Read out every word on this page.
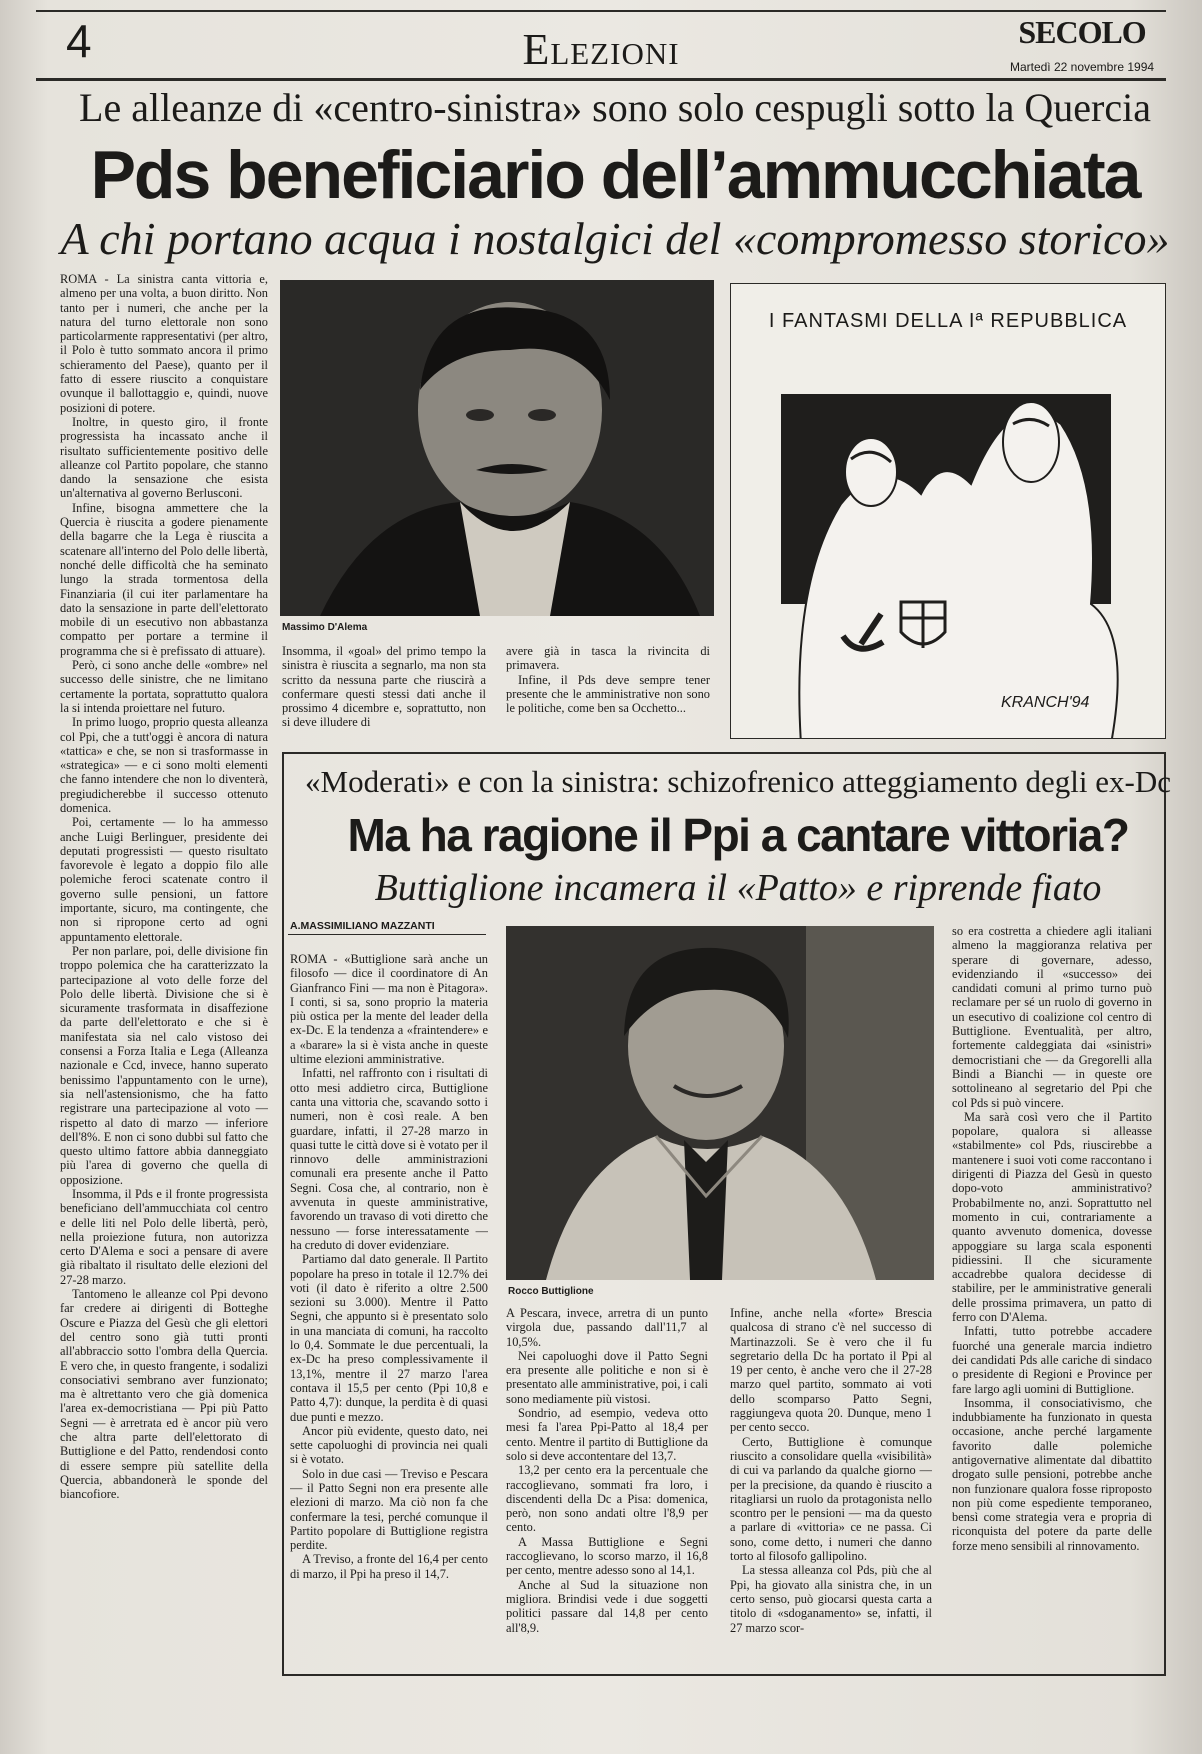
4	Elezioni	SECOLO
Martedì 22 novembre 1994
Le alleanze di «centro-sinistra» sono solo cespugli sotto la Quercia
Pds beneficiario dell’ammucchiata
A chi portano acqua i nostalgici del «compromesso storico»

ROMA - La sinistra canta vittoria e, almeno per una volta, a buon diritto. Non tanto per i numeri, che anche per la natura del turno elettorale non sono particolarmente rappresentativi (per altro, il Polo è tutto sommato ancora il primo schieramento del Paese), quanto per il fatto di essere riuscito a conquistare ovunque il ballottaggio e, quindi, nuove posizioni di potere.

Inoltre, in questo giro, il fronte progressista ha incassato anche il risultato sufficientemente positivo delle alleanze col Partito popolare, che stanno dando la sensazione che esista un'alternativa al governo Berlusconi.

Infine, bisogna ammettere che la Quercia è riuscita a godere pienamente della bagarre che la Lega è riuscita a scatenare all'interno del Polo delle libertà, nonché delle difficoltà che ha seminato lungo la strada tormentosa della Finanziaria (il cui iter parlamentare ha dato la sensazione in parte dell'elettorato mobile di un esecutivo non abbastanza compatto per portare a termine il programma che si è prefissato di attuare).

Però, ci sono anche delle «ombre» nel successo delle sinistre, che ne limitano certamente la portata, soprattutto qualora la si intenda proiettare nel futuro.

In primo luogo, proprio questa alleanza col Ppi, che a tutt'oggi è ancora di natura «tattica» e che, se non si trasformasse in «strategica» — e ci sono molti elementi che fanno intendere che non lo diventerà, pregiudicherebbe il successo ottenuto domenica.

Poi, certamente — lo ha ammesso anche Luigi Berlinguer, presidente dei deputati progressisti — questo risultato favorevole è legato a doppio filo alle polemiche feroci scatenate contro il governo sulle pensioni, un fattore importante, sicuro, ma contingente, che non si ripropone certo ad ogni appuntamento elettorale.

Per non parlare, poi, delle divisione fin troppo polemica che ha caratterizzato la partecipazione al voto delle forze del Polo delle libertà. Divisione che si è sicuramente trasformata in disaffezione da parte dell'elettorato e che si è manifestata sia nel calo vistoso dei consensi a Forza Italia e Lega (Alleanza nazionale e Ccd, invece, hanno superato benissimo l'appuntamento con le urne), sia nell'astensionismo, che ha fatto registrare una partecipazione al voto — rispetto al dato di marzo — inferiore dell'8%. E non ci sono dubbi sul fatto che questo ultimo fattore abbia danneggiato più l'area di governo che quella di opposizione.

Insomma, il Pds e il fronte progressista beneficiano dell'ammucchiata col centro e delle liti nel Polo delle libertà, però, nella proiezione futura, non autorizza certo D'Alema e soci a pensare di avere già ribaltato il risultato delle elezioni del 27-28 marzo.

Tantomeno le alleanze col Ppi devono far credere ai dirigenti di Botteghe Oscure e Piazza del Gesù che gli elettori del centro sono già tutti pronti all'abbraccio sotto l'ombra della Quercia. E vero che, in questo frangente, i sodalizi consociativi sembrano aver funzionato; ma è altrettanto vero che già domenica l'area ex-democristiana — Ppi più Patto Segni — è arretrata ed è ancor più vero che altra parte dell'elettorato di Buttiglione e del Patto, rendendosi conto di essere sempre più satellite della Quercia, abbandonerà le sponde del biancofiore.

Massimo D'Alema

Insomma, il «goal» del primo tempo la sinistra è riuscita a segnarlo, ma non sta scritto da nessuna parte che riuscirà a confermare questi stessi dati anche il prossimo 4 dicembre e, soprattutto, non si deve illudere di

avere già in tasca la rivincita di primavera.

Infine, il Pds deve sempre tener presente che le amministrative non sono le politiche, come ben sa Occhetto...

I FANTASMI DELLA Iª REPUBBLICA
KRANCH'94
«Moderati» e con la sinistra: schizofrenico atteggiamento degli ex-Dc
Ma ha ragione il Ppi a cantare vittoria?
Buttiglione incamera il «Patto» e riprende fiato
A.MASSIMILIANO MAZZANTI
Rocco Buttiglione

ROMA - «Buttiglione sarà anche un filosofo — dice il coordinatore di An Gianfranco Fini — ma non è Pitagora». I conti, si sa, sono proprio la materia più ostica per la mente del leader della ex-Dc. E la tendenza a «fraintendere» e a «barare» la si è vista anche in queste ultime elezioni amministrative.

Infatti, nel raffronto con i risultati di otto mesi addietro circa, Buttiglione canta una vittoria che, scavando sotto i numeri, non è così reale. A ben guardare, infatti, il 27-28 marzo in quasi tutte le città dove si è votato per il rinnovo delle amministrazioni comunali era presente anche il Patto Segni. Cosa che, al contrario, non è avvenuta in queste amministrative, favorendo un travaso di voti diretto che nessuno — forse interessatamente — ha creduto di dover evidenziare.

Partiamo dal dato generale. Il Partito popolare ha preso in totale il 12.7% dei voti (il dato è riferito a oltre 2.500 sezioni su 3.000). Mentre il Patto Segni, che appunto si è presentato solo in una manciata di comuni, ha raccolto lo 0,4. Sommate le due percentuali, la ex-Dc ha preso complessivamente il 13,1%, mentre il 27 marzo l'area contava il 15,5 per cento (Ppi 10,8 e Patto 4,7): dunque, la perdita è di quasi due punti e mezzo.

Ancor più evidente, questo dato, nei sette capoluoghi di provincia nei quali si è votato.

Solo in due casi — Treviso e Pescara — il Patto Segni non era presente alle elezioni di marzo. Ma ciò non fa che confermare la tesi, perché comunque il Partito popolare di Buttiglione registra perdite.

A Treviso, a fronte del 16,4 per cento di marzo, il Ppi ha preso il 14,7.

A Pescara, invece, arretra di un punto virgola due, passando dall'11,7 al 10,5%.

Nei capoluoghi dove il Patto Segni era presente alle politiche e non si è presentato alle amministrative, poi, i cali sono mediamente più vistosi.

Sondrio, ad esempio, vedeva otto mesi fa l'area Ppi-Patto al 18,4 per cento. Mentre il partito di Buttiglione da solo si deve accontentare del 13,7.

13,2 per cento era la percentuale che raccoglievano, sommati fra loro, i discendenti della Dc a Pisa: domenica, però, non sono andati oltre l'8,9 per cento.

A Massa Buttiglione e Segni raccoglievano, lo scorso marzo, il 16,8 per cento, mentre adesso sono al 14,1.

Anche al Sud la situazione non migliora. Brindisi vede i due soggetti politici passare dal 14,8 per cento all'8,9.

Infine, anche nella «forte» Brescia qualcosa di strano c'è nel successo di Martinazzoli. Se è vero che il fu segretario della Dc ha portato il Ppi al 19 per cento, è anche vero che il 27-28 marzo quel partito, sommato ai voti dello scomparso Patto Segni, raggiungeva quota 20. Dunque, meno 1 per cento secco.

Certo, Buttiglione è comunque riuscito a consolidare quella «visibilità» di cui va parlando da qualche giorno — per la precisione, da quando è riuscito a ritagliarsi un ruolo da protagonista nello scontro per le pensioni — ma da questo a parlare di «vittoria» ce ne passa. Ci sono, come detto, i numeri che danno torto al filosofo gallipolino.

La stessa alleanza col Pds, più che al Ppi, ha giovato alla sinistra che, in un certo senso, può giocarsi questa carta a titolo di «sdoganamento» se, infatti, il 27 marzo scor-

so era costretta a chiedere agli italiani almeno la maggioranza relativa per sperare di governare, adesso, evidenziando il «successo» dei candidati comuni al primo turno può reclamare per sé un ruolo di governo in un esecutivo di coalizione col centro di Buttiglione. Eventualità, per altro, fortemente caldeggiata dai «sinistri» democristiani che — da Gregorelli alla Bindi a Bianchi — in queste ore sottolineano al segretario del Ppi che col Pds si può vincere.

Ma sarà così vero che il Partito popolare, qualora si alleasse «stabilmente» col Pds, riuscirebbe a mantenere i suoi voti come raccontano i dirigenti di Piazza del Gesù in questo dopo-voto amministrativo? Probabilmente no, anzi. Soprattutto nel momento in cui, contrariamente a quanto avvenuto domenica, dovesse appoggiare su larga scala esponenti pidiessini. Il che sicuramente accadrebbe qualora decidesse di stabilire, per le amministrative generali delle prossima primavera, un patto di ferro con D'Alema.

Infatti, tutto potrebbe accadere fuorché una generale marcia indietro dei candidati Pds alle cariche di sindaco o presidente di Regioni e Province per fare largo agli uomini di Buttiglione.

Insomma, il consociativismo, che indubbiamente ha funzionato in questa occasione, anche perché largamente favorito dalle polemiche antigovernative alimentate dal dibattito drogato sulle pensioni, potrebbe anche non funzionare qualora fosse riproposto non più come espediente temporaneo, bensì come strategia vera e propria di riconquista del potere da parte delle forze meno sensibili al rinnovamento.
